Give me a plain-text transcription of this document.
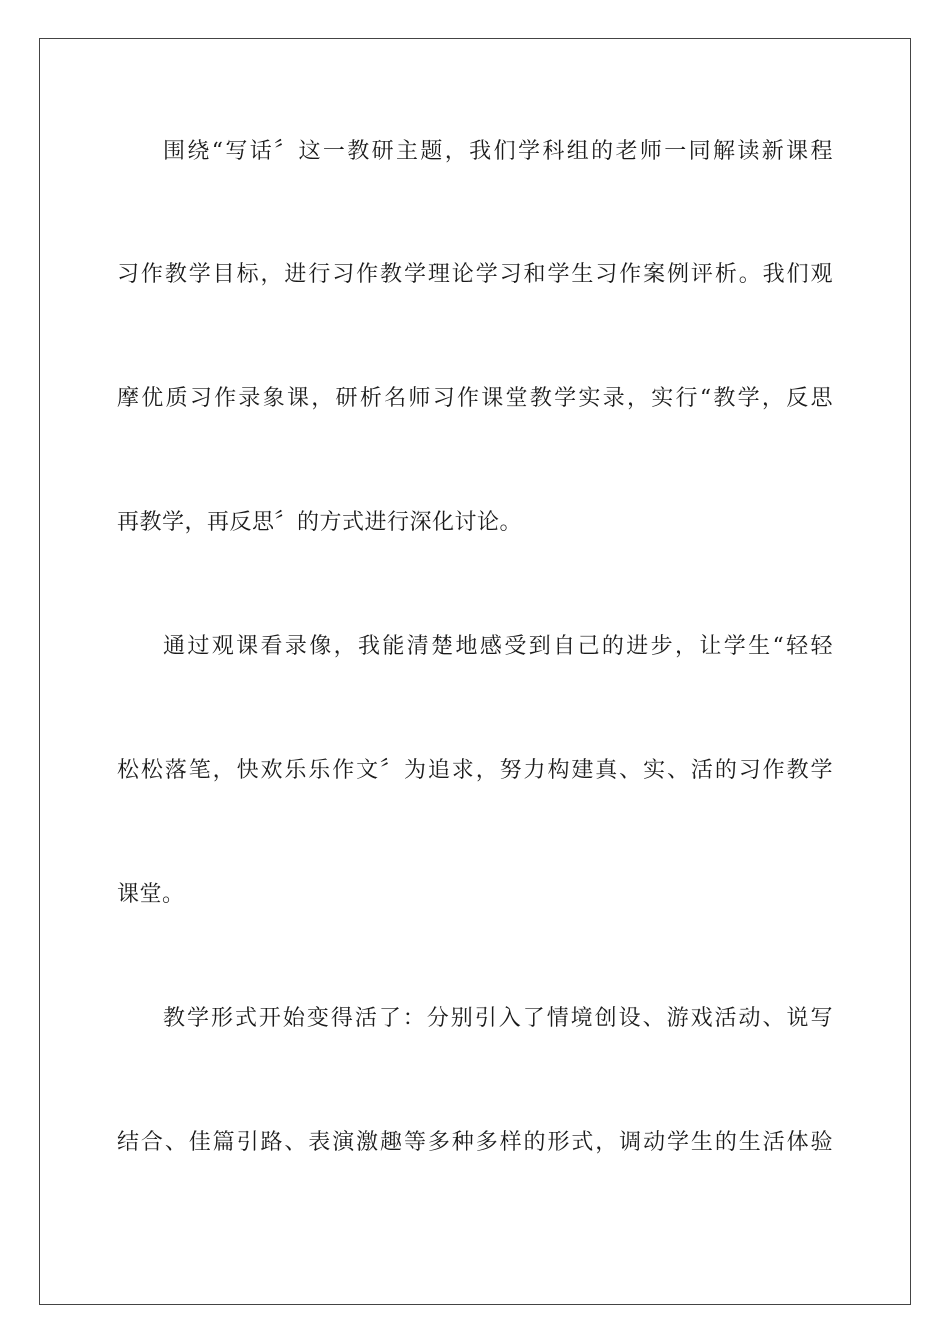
围绕“写话〞这一教研主题，我们学科组的老师一同解读新课程
习作教学目标，进行习作教学理论学习和学生习作案例评析。我们观
摩优质习作录象课，研析名师习作课堂教学实录，实行“教学，反思
再教学，再反思〞的方式进行深化讨论。
通过观课看录像，我能清楚地感受到自己的进步，让学生“轻轻
松松落笔，快欢乐乐作文〞为追求，努力构建真、实、活的习作教学
课堂。
教学形式开始变得活了：分别引入了情境创设、游戏活动、说写
结合、佳篇引路、表演激趣等多种多样的形式，调动学生的生活体验
